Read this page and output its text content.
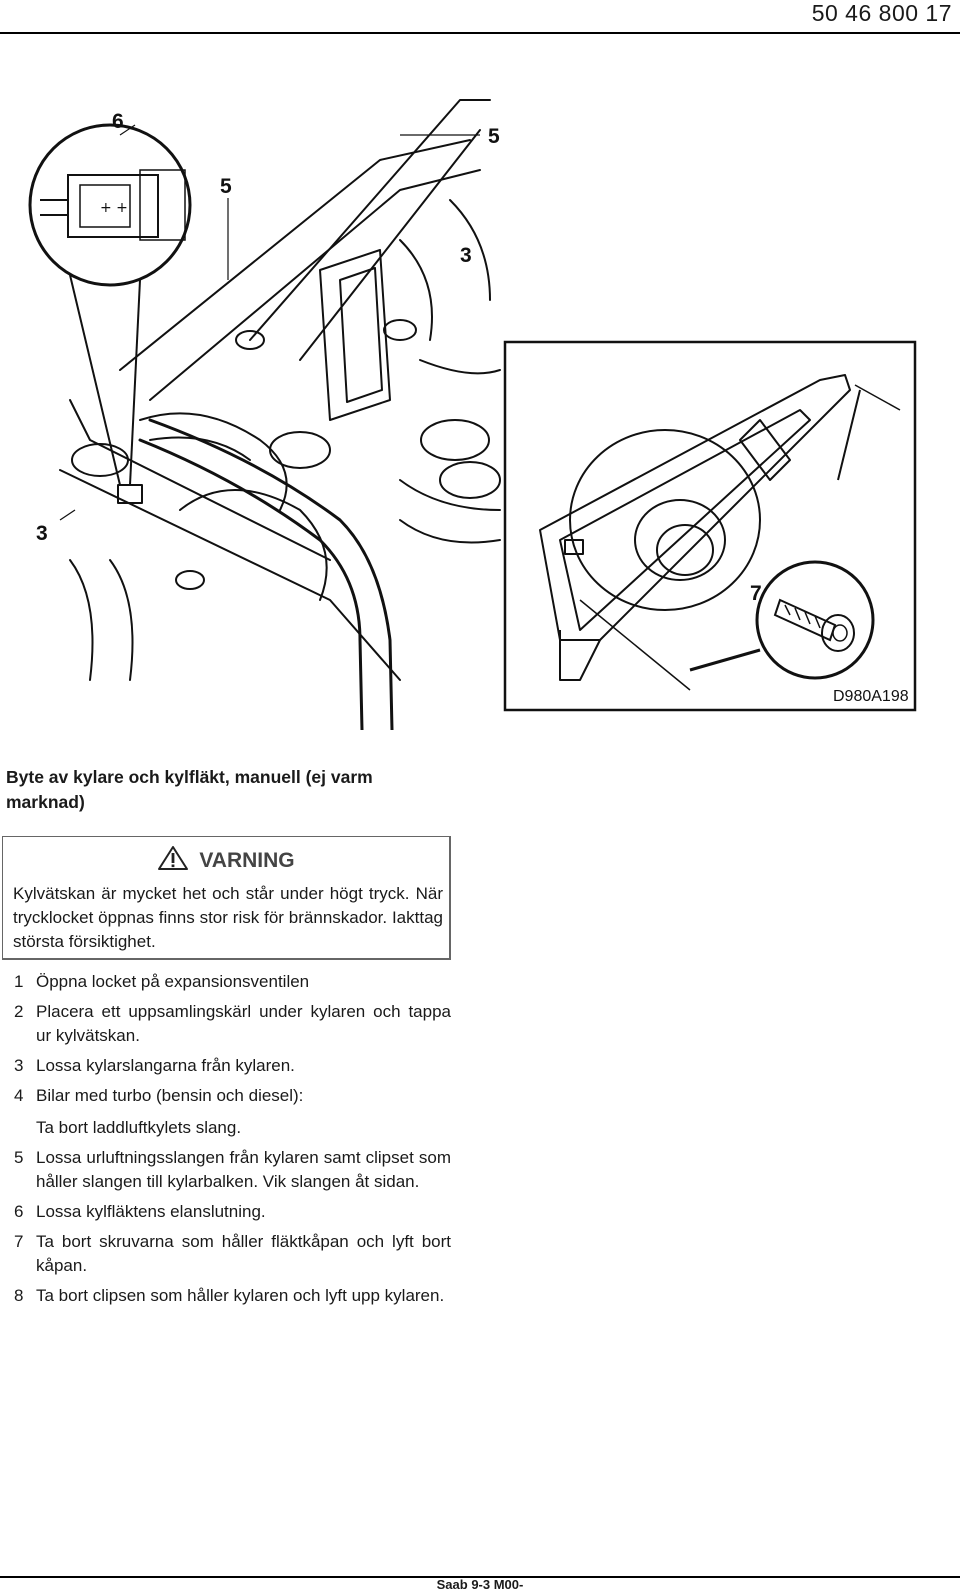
50 46 800 17
+ +
6
5
5
3
3
7
D980A198
Byte av kylare och kylfläkt, manuell (ej varm marknad)
VARNING
Kylvätskan är mycket het och står under högt tryck. När trycklocket öppnas finns stor risk för brännskador. Iakttag största försiktighet.
1 Öppna locket på expansionsventilen
2 Placera ett uppsamlingskärl under kylaren och tappa ur kylvätskan.
3 Lossa kylarslangarna från kylaren.
4 Bilar med turbo (bensin och diesel):
Ta bort laddluftkylets slang.
5 Lossa urluftningsslangen från kylaren samt clipset som håller slangen till kylarbalken. Vik slangen åt sidan.
6 Lossa kylfläktens elanslutning.
7 Ta bort skruvarna som håller fläktkåpan och lyft bort kåpan.
8 Ta bort clipsen som håller kylaren och lyft upp kylaren.
Saab 9-3 M00-
